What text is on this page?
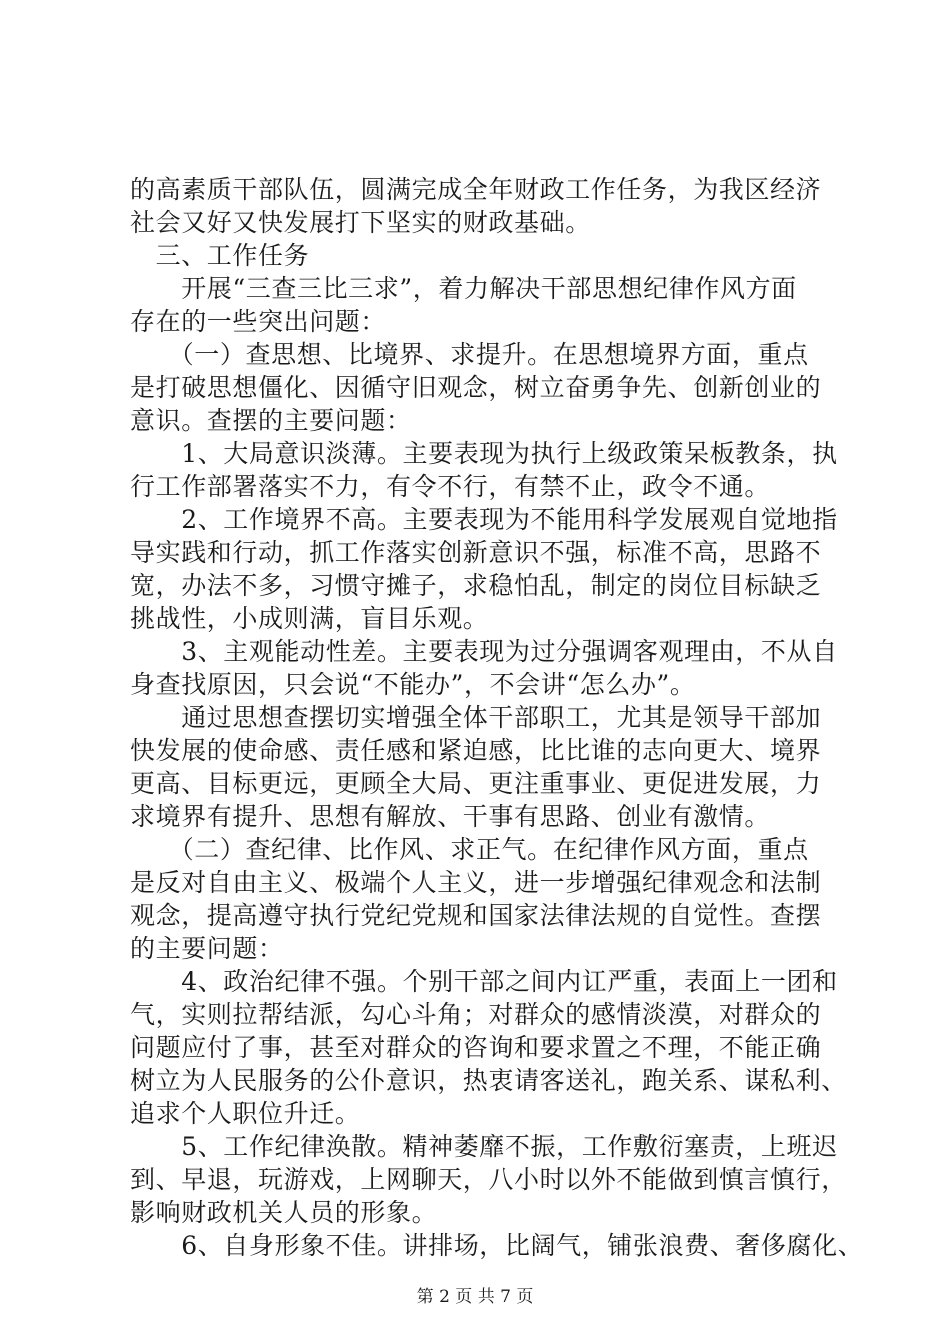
的高素质干部队伍，圆满完成全年财政工作任务，为我区经济
社会又好又快发展打下坚实的财政基础。
　三、工作任务
　　开展“三查三比三求”，着力解决干部思想纪律作风方面
存在的一些突出问题：
　　（一）查思想、比境界、求提升。在思想境界方面，重点
是打破思想僵化、因循守旧观念，树立奋勇争先、创新创业的
意识。查摆的主要问题：
　　1、大局意识淡薄。主要表现为执行上级政策呆板教条，执
行工作部署落实不力，有令不行，有禁不止，政令不通。
　　2、工作境界不高。主要表现为不能用科学发展观自觉地指
导实践和行动，抓工作落实创新意识不强，标准不高，思路不
宽，办法不多，习惯守摊子，求稳怕乱，制定的岗位目标缺乏
挑战性，小成则满，盲目乐观。
　　3、主观能动性差。主要表现为过分强调客观理由，不从自
身查找原因，只会说“不能办”，不会讲“怎么办”。
　　通过思想查摆切实增强全体干部职工，尤其是领导干部加
快发展的使命感、责任感和紧迫感，比比谁的志向更大、境界
更高、目标更远，更顾全大局、更注重事业、更促进发展，力
求境界有提升、思想有解放、干事有思路、创业有激情。
　　（二）查纪律、比作风、求正气。在纪律作风方面，重点
是反对自由主义、极端个人主义，进一步增强纪律观念和法制
观念，提高遵守执行党纪党规和国家法律法规的自觉性。查摆
的主要问题：
　　4、政治纪律不强。个别干部之间内讧严重，表面上一团和
气，实则拉帮结派，勾心斗角；对群众的感情淡漠，对群众的
问题应付了事，甚至对群众的咨询和要求置之不理，不能正确
树立为人民服务的公仆意识，热衷请客送礼，跑关系、谋私利、
追求个人职位升迁。
　　5、工作纪律涣散。精神萎靡不振，工作敷衍塞责，上班迟
到、早退，玩游戏，上网聊天，八小时以外不能做到慎言慎行，
影响财政机关人员的形象。
　　6、自身形象不佳。讲排场，比阔气，铺张浪费、奢侈腐化、
第 2 页 共 7 页
